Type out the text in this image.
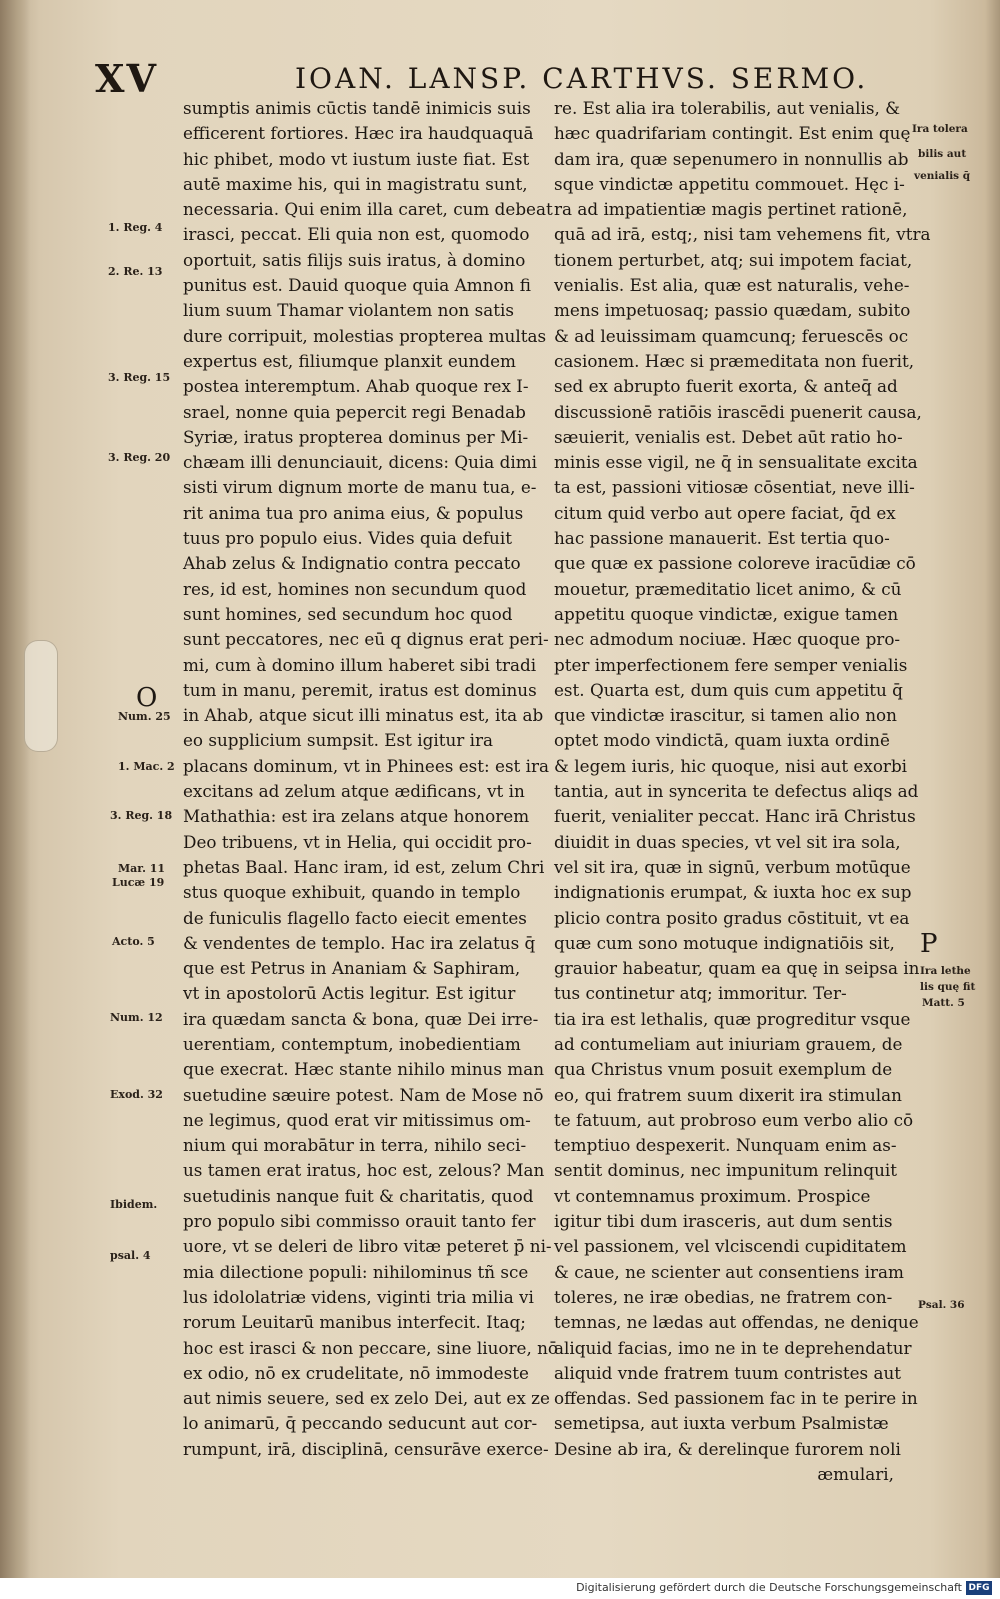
XV	IOAN. LANSP. CARTHVS. SERMO.
sumptis animis cūctis tandē inimicis suis
efficerent fortiores. Hæc ira haudquaquā
hic phibet, modo vt iustum iuste fiat. Est
autē maxime his, qui in magistratu sunt,
necessaria. Qui enim illa caret, cum debeat
irasci, peccat. Eli quia non est, quomodo
oportuit, satis filijs suis iratus, à domino
punitus est. Dauid quoque quia Amnon fi
lium suum Thamar violantem non satis
dure corripuit, molestias propterea multas
expertus est, filiumque planxit eundem
postea interemptum. Ahab quoque rex I-
srael, nonne quia pepercit regi Benadab
Syriæ, iratus propterea dominus per Mi-
chæam illi denunciauit, dicens: Quia dimi
sisti virum dignum morte de manu tua, e-
rit anima tua pro anima eius, & populus
tuus pro populo eius. Vides quia defuit
Ahab zelus & Indignatio contra peccato
res, id est, homines non secundum quod
sunt homines, sed secundum hoc quod
sunt peccatores, nec eū q dignus erat peri-
mi, cum à domino illum haberet sibi tradi
tum in manu, peremit, iratus est dominus
in Ahab, atque sicut illi minatus est, ita ab
eo supplicium sumpsit. Est igitur ira
placans dominum, vt in Phinees est: est ira
excitans ad zelum atque ædificans, vt in
Mathathia: est ira zelans atque honorem
Deo tribuens, vt in Helia, qui occidit pro-
phetas Baal. Hanc iram, id est, zelum Chri
stus quoque exhibuit, quando in templo
de funiculis flagello facto eiecit ementes
& vendentes de templo. Hac ira zelatus q̄
que est Petrus in Ananiam & Saphiram,
vt in apostolorū Actis legitur. Est igitur
ira quædam sancta & bona, quæ Dei irre-
uerentiam, contemptum, inobedientiam
que execrat. Hæc stante nihilo minus man
suetudine sæuire potest. Nam de Mose nō
ne legimus, quod erat vir mitissimus om-
nium qui morabātur in terra, nihilo seci-
us tamen erat iratus, hoc est, zelous? Man
suetudinis nanque fuit & charitatis, quod
pro populo sibi commisso orauit tanto fer
uore, vt se deleri de libro vitæ peteret p̄ ni-
mia dilectione populi: nihilominus tñ sce
lus idololatriæ videns, viginti tria milia vi
rorum Leuitarū manibus interfecit. Itaq;
hoc est irasci & non peccare, sine liuore, nō
ex odio, nō ex crudelitate, nō immodeste
aut nimis seuere, sed ex zelo Dei, aut ex ze
lo animarū, q̄ peccando seducunt aut cor-
rumpunt, irā, disciplinā, censurāve exerce-
re. Est alia ira tolerabilis, aut venialis, &
hæc quadrifariam contingit. Est enim quę
dam ira, quæ sepenumero in nonnullis ab
sque vindictæ appetitu commouet. Hęc i-
ra ad impatientiæ magis pertinet rationē,
quā ad irā, estq;, nisi tam vehemens fit, vtra
tionem perturbet, atq; sui impotem faciat,
venialis. Est alia, quæ est naturalis, vehe-
mens impetuosaq; passio quædam, subito
& ad leuissimam quamcunq; feruescēs oc
casionem. Hæc si præmeditata non fuerit,
sed ex abrupto fuerit exorta, & anteq̄ ad
discussionē ratiōis irascēdi puenerit causa,
sæuierit, venialis est. Debet aūt ratio ho-
minis esse vigil, ne q̄ in sensualitate excita
ta est, passioni vitiosæ cōsentiat, neve illi-
citum quid verbo aut opere faciat, q̄d ex
hac passione manauerit. Est tertia quo-
que quæ ex passione coloreve iracūdiæ cō
mouetur, præmeditatio licet animo, & cū
appetitu quoque vindictæ, exigue tamen
nec admodum nociuæ. Hæc quoque pro-
pter imperfectionem fere semper venialis
est. Quarta est, dum quis cum appetitu q̄
que vindictæ irascitur, si tamen alio non
optet modo vindictā, quam iuxta ordinē
& legem iuris, hic quoque, nisi aut exorbi
tantia, aut in syncerita te defectus aliqs ad
fuerit, venialiter peccat. Hanc irā Christus
diuidit in duas species, vt vel sit ira sola,
vel sit ira, quæ in signū, verbum motūque
indignationis erumpat, & iuxta hoc ex sup
plicio contra posito gradus cōstituit, vt ea
quæ cum sono motuque indignatiōis sit,
grauior habeatur, quam ea quę in seipsa in
tus continetur atq; immoritur. Ter-
tia ira est lethalis, quæ progreditur vsque
ad contumeliam aut iniuriam grauem, de
qua Christus vnum posuit exemplum de
eo, qui fratrem suum dixerit ira stimulan
te fatuum, aut probroso eum verbo alio cō
temptiuo despexerit. Nunquam enim as-
sentit dominus, nec impunitum relinquit
vt contemnamus proximum. Prospice
igitur tibi dum irasceris, aut dum sentis
vel passionem, vel vlciscendi cupiditatem
& caue, ne scienter aut consentiens iram
toleres, ne iræ obedias, ne fratrem con-
temnas, ne lædas aut offendas, ne denique
aliquid facias, imo ne in te deprehendatur
aliquid vnde fratrem tuum contristes aut
offendas. Sed passionem fac in te perire in
semetipsa, aut iuxta verbum Psalmistæ
Desine ab ira, & derelinque furorem noli
æmulari,
1. Reg. 4
2. Re. 13
3. Reg. 15
3. Reg. 20
O
Num. 25
1. Mac. 2
3. Reg. 18
Mar. 11
Lucæ 19
Acto. 5
Num. 12
Exod. 32
Ibidem.
psal. 4
Ira tolera
bilis aut
venialis q̄
P
Ira lethe
lis quę fit
Matt. 5
Psal. 36
Digitalisierung gefördert durch die Deutsche Forschungsgemeinschaft DFG
